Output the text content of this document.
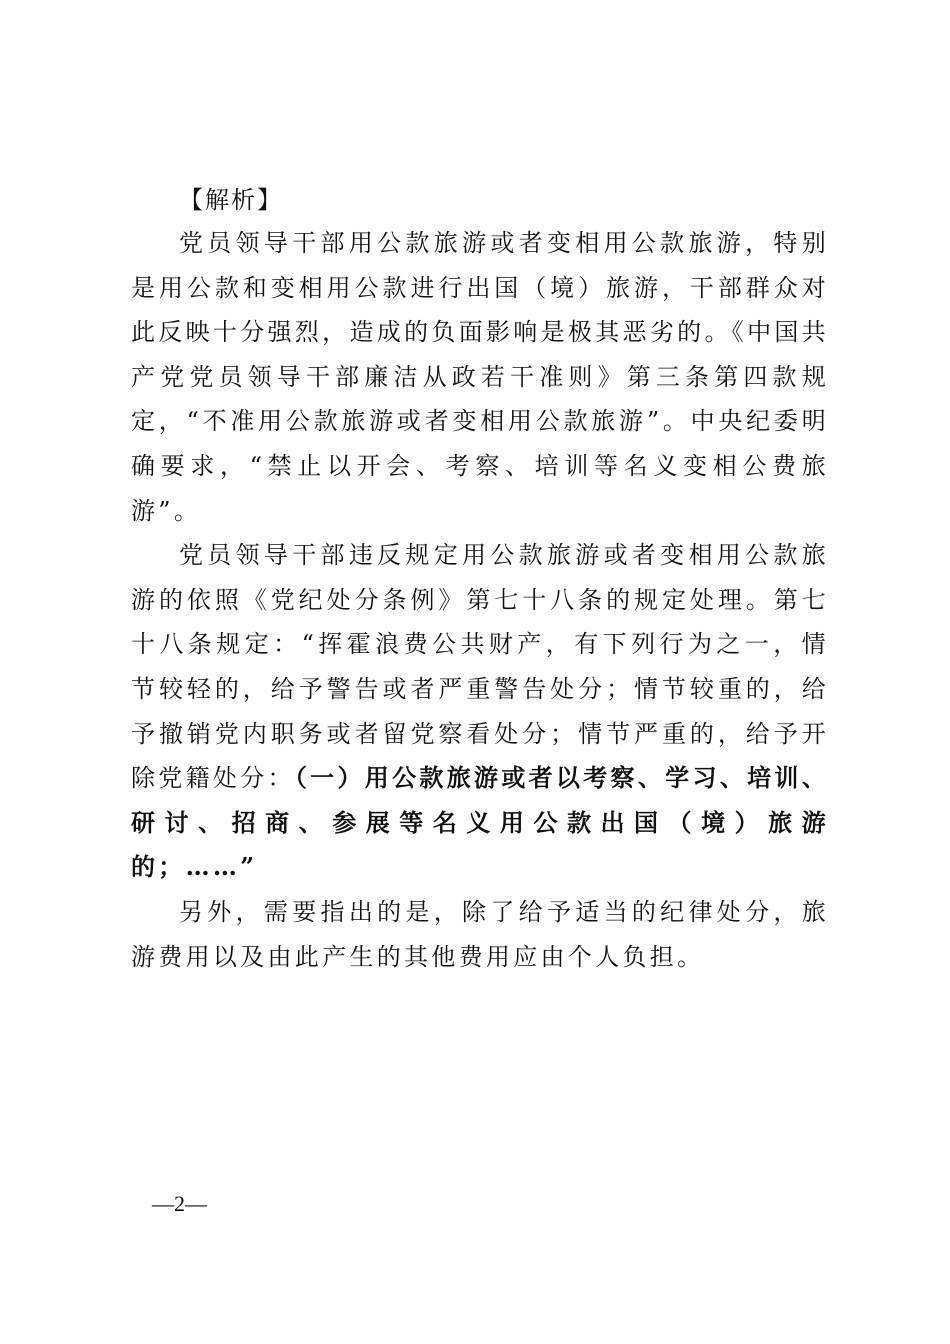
【解析】

党员领导干部用公款旅游或者变相用公款旅游，特别是用公款和变相用公款进行出国（境）旅游，干部群众对此反映十分强烈，造成的负面影响是极其恶劣的。《中国共产党党员领导干部廉洁从政若干准则》第三条第四款规定，“不准用公款旅游或者变相用公款旅游”。中央纪委明确要求，“禁止以开会、考察、培训等名义变相公费旅游”。

党员领导干部违反规定用公款旅游或者变相用公款旅游的依照《党纪处分条例》第七十八条的规定处理。第七十八条规定：“挥霍浪费公共财产，有下列行为之一，情节较轻的，给予警告或者严重警告处分；情节较重的，给予撤销党内职务或者留党察看处分；情节严重的，给予开除党籍处分：（一）用公款旅游或者以考察、学习、培训、研讨、招商、参展等名义用公款出国（境）旅游的；……”

另外，需要指出的是，除了给予适当的纪律处分，旅游费用以及由此产生的其他费用应由个人负担。

—2—
